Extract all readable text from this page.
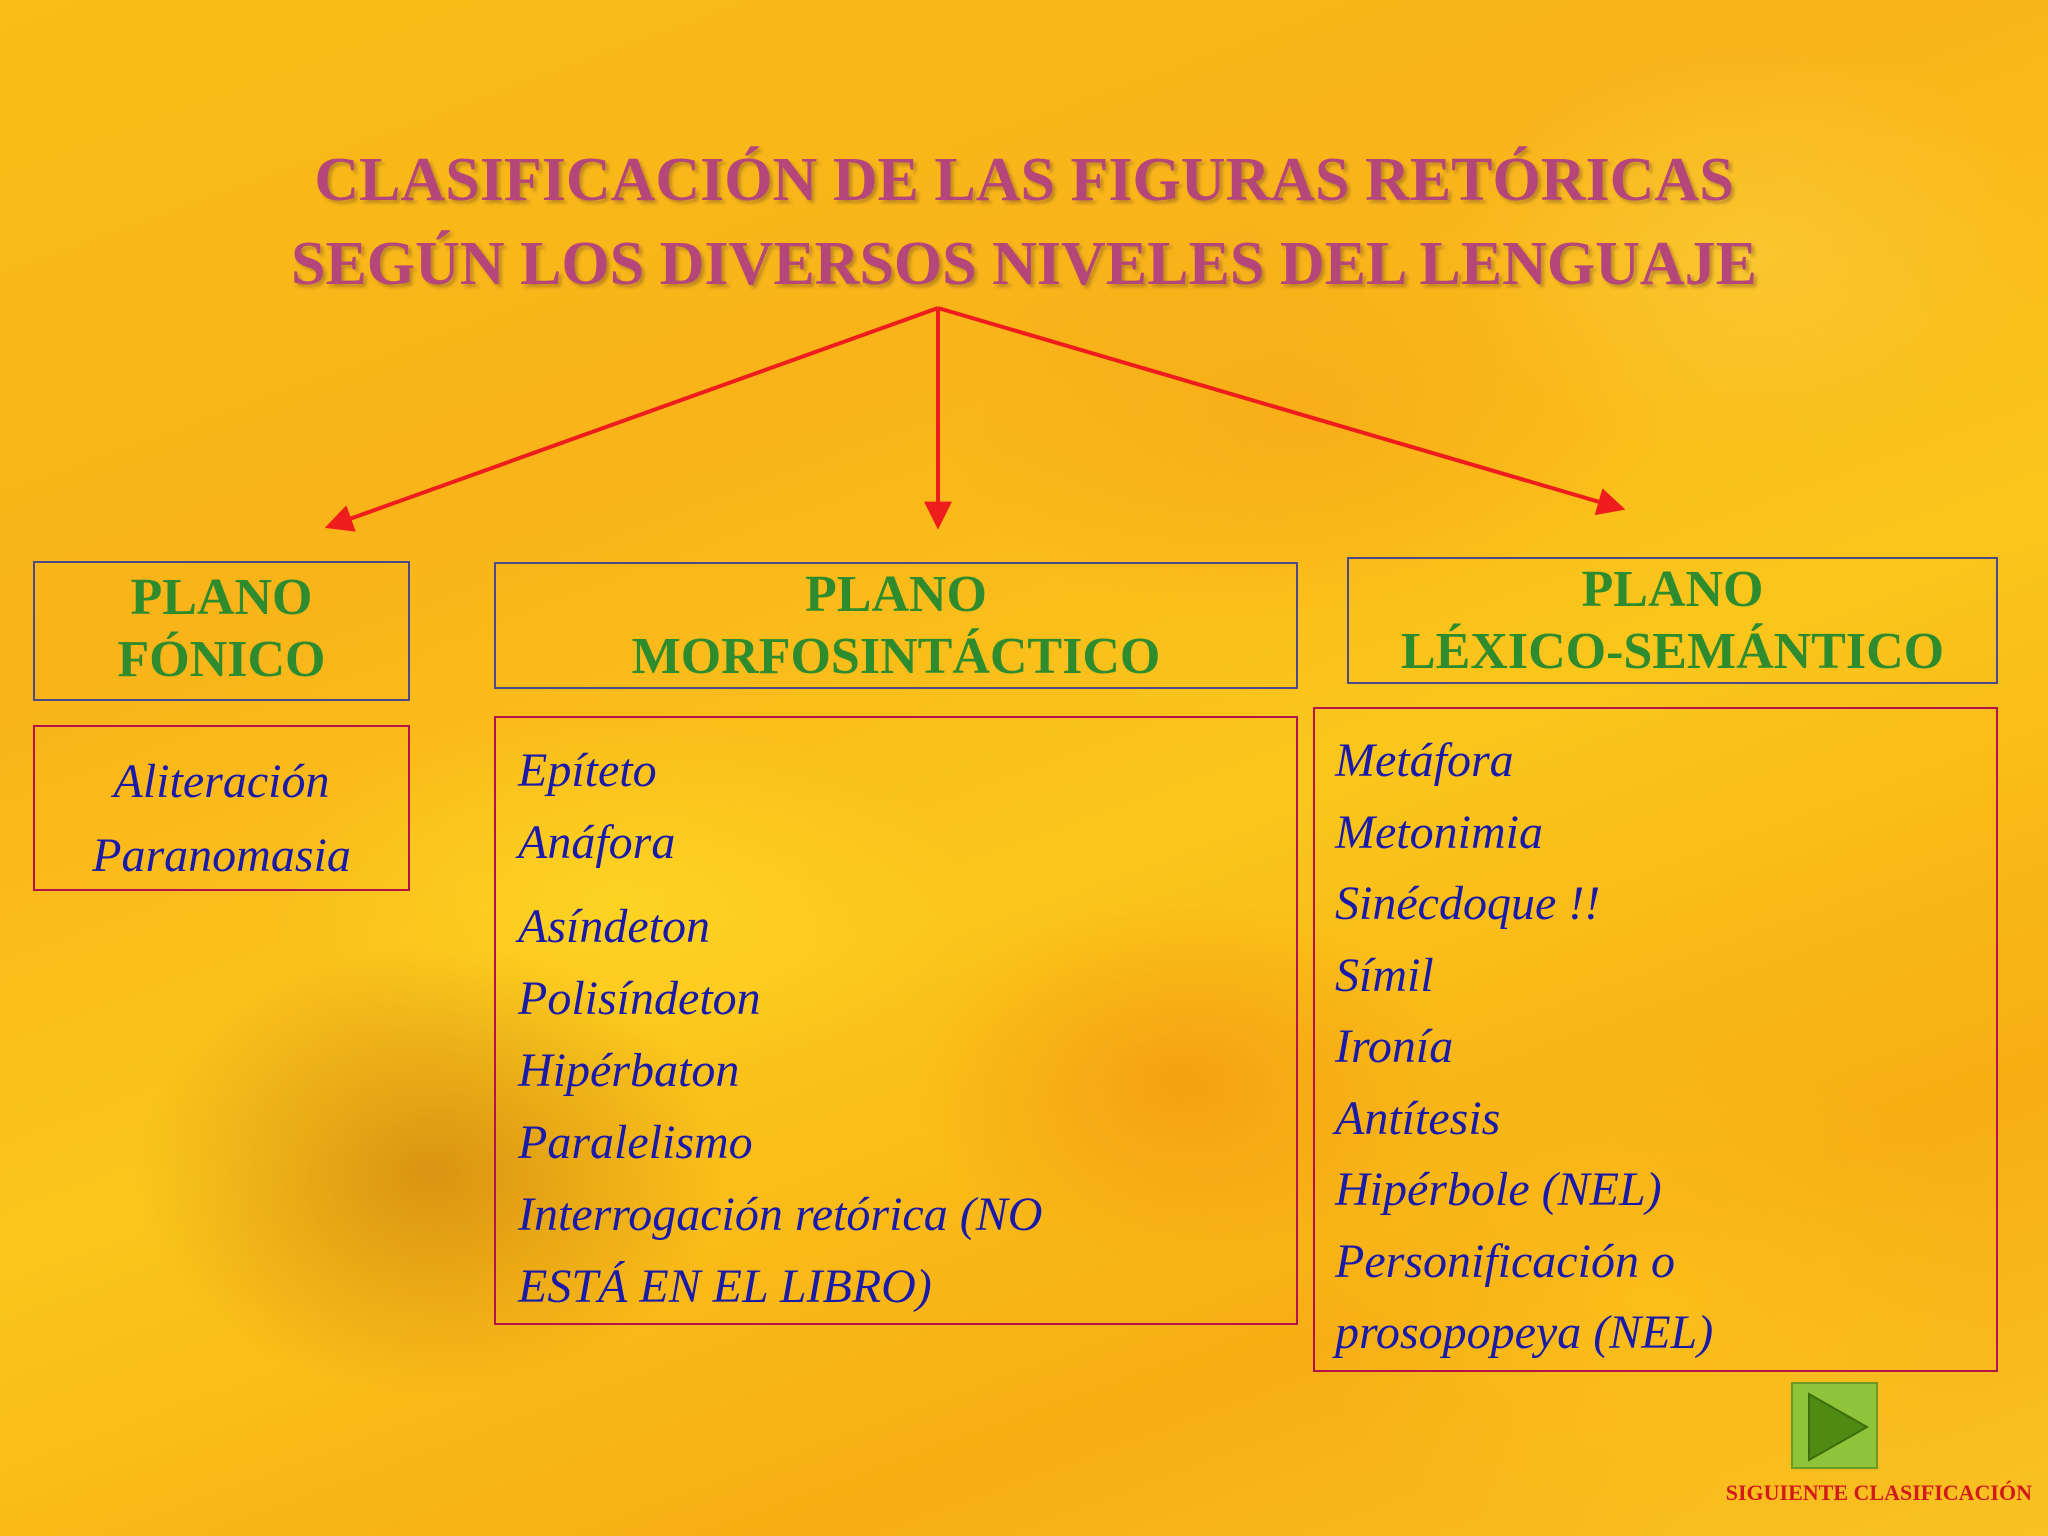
CLASIFICACIÓN DE LAS FIGURAS RETÓRICAS
SEGÚN LOS DIVERSOS NIVELES DEL LENGUAJE
PLANO
FÓNICO
Aliteración
Paranomasia
PLANO
MORFOSINTÁCTICO
Epíteto
Anáfora
Asíndeton
Polisíndeton
Hipérbaton
Paralelismo
Interrogación retórica (NO
ESTÁ EN EL LIBRO)
PLANO
LÉXICO-SEMÁNTICO
Metáfora
Metonimia
Sinécdoque !!
Símil
Ironía
Antítesis
Hipérbole (NEL)
Personificación o
prosopopeya (NEL)
SIGUIENTE CLASIFICACIÓN
